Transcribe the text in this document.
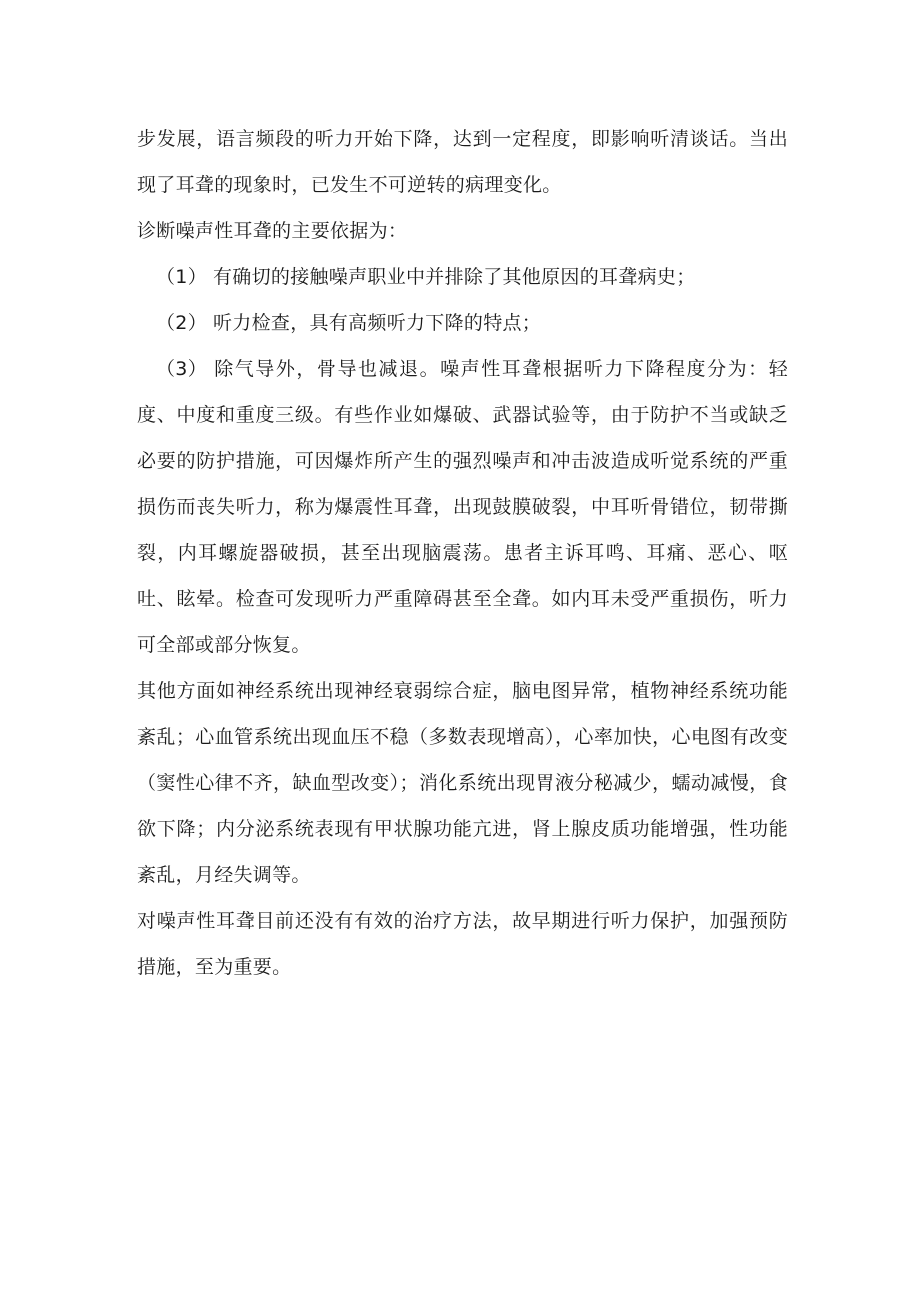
步发展，语言频段的听力开始下降，达到一定程度，即影响听清谈话。当出现了耳聋的现象时，已发生不可逆转的病理变化。

诊断噪声性耳聋的主要依据为：

（1） 有确切的接触噪声职业中并排除了其他原因的耳聋病史；

（2） 听力检查，具有高频听力下降的特点；

（3） 除气导外，骨导也减退。噪声性耳聋根据听力下降程度分为：轻度、中度和重度三级。有些作业如爆破、武器试验等，由于防护不当或缺乏必要的防护措施，可因爆炸所产生的强烈噪声和冲击波造成听觉系统的严重损伤而丧失听力，称为爆震性耳聋，出现鼓膜破裂，中耳听骨错位，韧带撕裂，内耳螺旋器破损，甚至出现脑震荡。患者主诉耳鸣、耳痛、恶心、呕吐、眩晕。检查可发现听力严重障碍甚至全聋。如内耳未受严重损伤，听力可全部或部分恢复。

其他方面如神经系统出现神经衰弱综合症，脑电图异常，植物神经系统功能紊乱；心血管系统出现血压不稳（多数表现增高），心率加快，心电图有改变（窦性心律不齐，缺血型改变）；消化系统出现胃液分秘减少，蠕动减慢，食欲下降；内分泌系统表现有甲状腺功能亢进，肾上腺皮质功能增强，性功能紊乱，月经失调等。

对噪声性耳聋目前还没有有效的治疗方法，故早期进行听力保护，加强预防措施，至为重要。
